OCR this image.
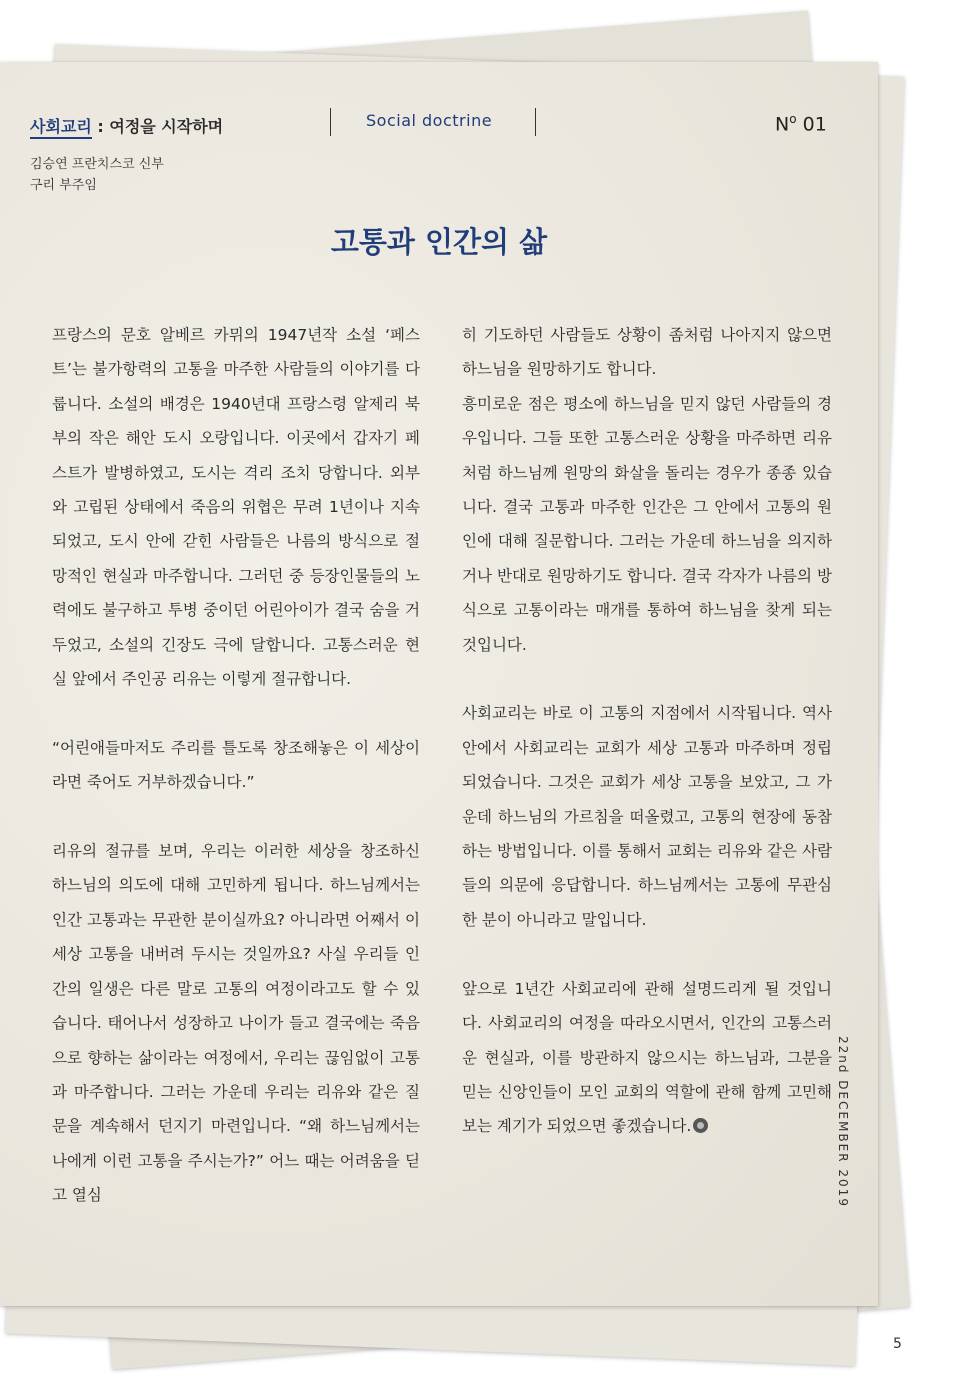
사회교리 : 여정을 시작하며	Social doctrine	$N^o$ 01
김승연 프란치스코 신부
구리 부주임
고통과 인간의 삶

프랑스의 문호 알베르 카뮈의 1947년작 소설 ‘페스트’는 불가항력의 고통을 마주한 사람들의 이야기를 다룹니다. 소설의 배경은 1940년대 프랑스령 알제리 북부의 작은 해안 도시 오랑입니다. 이곳에서 갑자기 페스트가 발병하였고, 도시는 격리 조치 당합니다. 외부와 고립된 상태에서 죽음의 위협은 무려 1년이나 지속되었고, 도시 안에 갇힌 사람들은 나름의 방식으로 절망적인 현실과 마주합니다. 그러던 중 등장인물들의 노력에도 불구하고 투병 중이던 어린아이가 결국 숨을 거두었고, 소설의 긴장도 극에 달합니다. 고통스러운 현실 앞에서 주인공 리유는 이렇게 절규합니다.

“어린애들마저도 주리를 틀도록 창조해놓은 이 세상이라면 죽어도 거부하겠습니다.”

리유의 절규를 보며, 우리는 이러한 세상을 창조하신 하느님의 의도에 대해 고민하게 됩니다. 하느님께서는 인간 고통과는 무관한 분이실까요? 아니라면 어째서 이 세상 고통을 내버려 두시는 것일까요? 사실 우리들 인간의 일생은 다른 말로 고통의 여정이라고도 할 수 있습니다. 태어나서 성장하고 나이가 들고 결국에는 죽음으로 향하는 삶이라는 여정에서, 우리는 끊임없이 고통과 마주합니다. 그러는 가운데 우리는 리유와 같은 질문을 계속해서 던지기 마련입니다. “왜 하느님께서는 나에게 이런 고통을 주시는가?” 어느 때는 어려움을 딛고 열심

히 기도하던 사람들도 상황이 좀처럼 나아지지 않으면 하느님을 원망하기도 합니다.

흥미로운 점은 평소에 하느님을 믿지 않던 사람들의 경우입니다. 그들 또한 고통스러운 상황을 마주하면 리유처럼 하느님께 원망의 화살을 돌리는 경우가 종종 있습니다. 결국 고통과 마주한 인간은 그 안에서 고통의 원인에 대해 질문합니다. 그러는 가운데 하느님을 의지하거나 반대로 원망하기도 합니다. 결국 각자가 나름의 방식으로 고통이라는 매개를 통하여 하느님을 찾게 되는 것입니다.

사회교리는 바로 이 고통의 지점에서 시작됩니다. 역사 안에서 사회교리는 교회가 세상 고통과 마주하며 정립되었습니다. 그것은 교회가 세상 고통을 보았고, 그 가운데 하느님의 가르침을 떠올렸고, 고통의 현장에 동참하는 방법입니다. 이를 통해서 교회는 리유와 같은 사람들의 의문에 응답합니다. 하느님께서는 고통에 무관심한 분이 아니라고 말입니다.

앞으로 1년간 사회교리에 관해 설명드리게 될 것입니다. 사회교리의 여정을 따라오시면서, 인간의 고통스러운 현실과, 이를 방관하지 않으시는 하느님과, 그분을 믿는 신앙인들이 모인 교회의 역할에 관해 함께 고민해보는 계기가 되었으면 좋겠습니다.	22nd DECEMBER 2019
5
